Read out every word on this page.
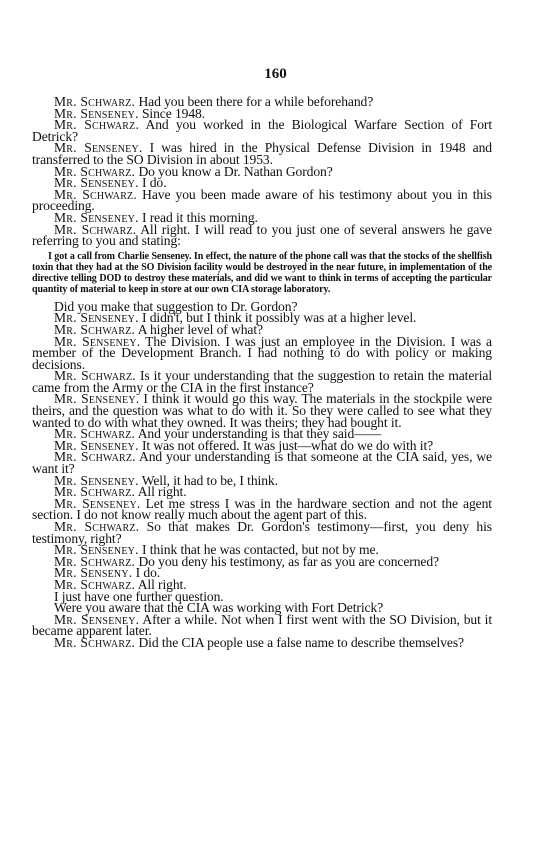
160

Mr. Schwarz. Had you been there for a while beforehand?

Mr. Senseney. Since 1948.

Mr. Schwarz. And you worked in the Biological Warfare Section of Fort Detrick?

Mr. Senseney. I was hired in the Physical Defense Division in 1948 and transferred to the SO Division in about 1953.

Mr. Schwarz. Do you know a Dr. Nathan Gordon?

Mr. Senseney. I do.

Mr. Schwarz. Have you been made aware of his testimony about you in this proceeding.

Mr. Senseney. I read it this morning.

Mr. Schwarz. All right. I will read to you just one of several answers he gave referring to you and stating:

I got a call from Charlie Senseney. In effect, the nature of the phone call was that the stocks of the shellfish toxin that they had at the SO Division facility would be destroyed in the near future, in implementation of the directive telling DOD to destroy these materials, and did we want to think in terms of accepting the particular quantity of material to keep in store at our own CIA storage laboratory.

Did you make that suggestion to Dr. Gordon?

Mr. Senseney. I didn't, but I think it possibly was at a higher level.

Mr. Schwarz. A higher level of what?

Mr. Senseney. The Division. I was just an employee in the Division. I was a member of the Development Branch. I had nothing to do with policy or making decisions.

Mr. Schwarz. Is it your understanding that the suggestion to retain the material came from the Army or the CIA in the first instance?

Mr. Senseney. I think it would go this way. The materials in the stockpile were theirs, and the question was what to do with it. So they were called to see what they wanted to do with what they owned. It was theirs; they had bought it.

Mr. Schwarz. And your understanding is that they said——

Mr. Senseney. It was not offered. It was just—what do we do with it?

Mr. Schwarz. And your understanding is that someone at the CIA said, yes, we want it?

Mr. Senseney. Well, it had to be, I think.

Mr. Schwarz. All right.

Mr. Senseney. Let me stress I was in the hardware section and not the agent section. I do not know really much about the agent part of this.

Mr. Schwarz. So that makes Dr. Gordon's testimony—first, you deny his testimony, right?

Mr. Senseney. I think that he was contacted, but not by me.

Mr. Schwarz. Do you deny his testimony, as far as you are concerned?

Mr. Senseny. I do.

Mr. Schwarz. All right.

I just have one further question.

Were you aware that the CIA was working with Fort Detrick?

Mr. Senseney. After a while. Not when I first went with the SO Division, but it became apparent later.

Mr. Schwarz. Did the CIA people use a false name to describe themselves?
